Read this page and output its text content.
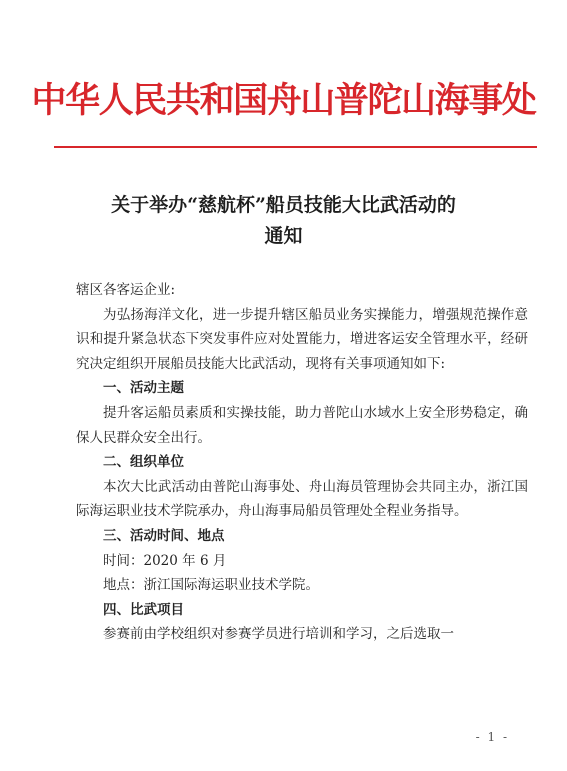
中华人民共和国舟山普陀山海事处
关于举办“慈航杯”船员技能大比武活动的
通知

辖区各客运企业:

为弘扬海洋文化，进一步提升辖区船员业务实操能力，增强规范操作意识和提升紧急状态下突发事件应对处置能力，增进客运安全管理水平，经研究决定组织开展船员技能大比武活动，现将有关事项通知如下:

一、活动主题

提升客运船员素质和实操技能，助力普陀山水域水上安全形势稳定，确保人民群众安全出行。

二、组织单位

本次大比武活动由普陀山海事处、舟山海员管理协会共同主办，浙江国际海运职业技术学院承办，舟山海事局船员管理处全程业务指导。

三、活动时间、地点

时间：2020 年 6 月

地点：浙江国际海运职业技术学院。

四、比武项目

参赛前由学校组织对参赛学员进行培训和学习，之后选取一

- 1 -
